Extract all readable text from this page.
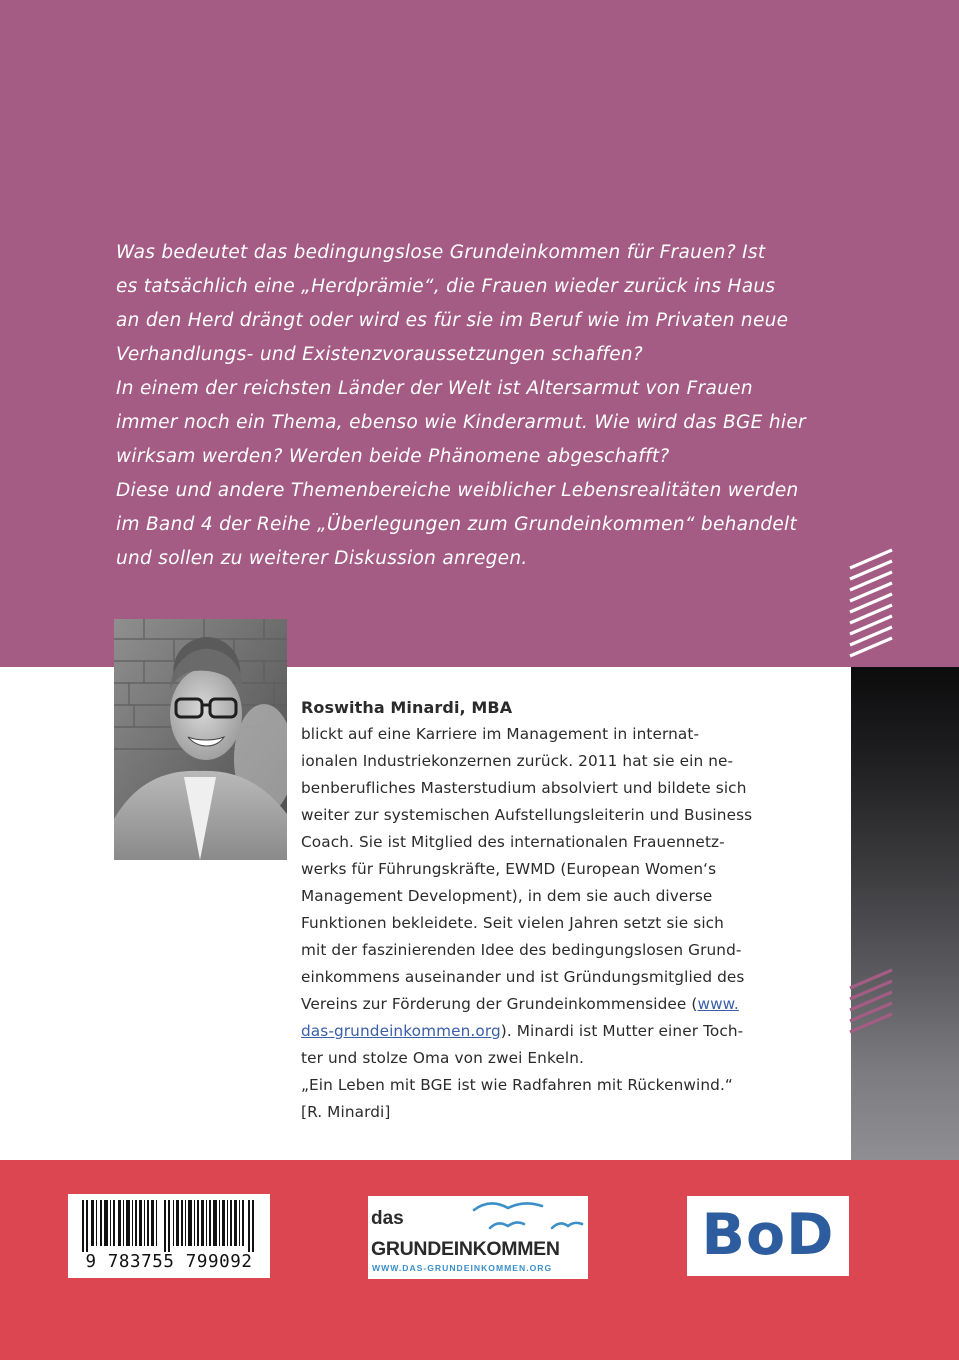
Was bedeutet das bedingungslose Grundeinkommen für Frauen? Ist
es tatsächlich eine „Herdprämie“, die Frauen wieder zurück ins Haus
an den Herd drängt oder wird es für sie im Beruf wie im Privaten neue
Verhandlungs- und Existenzvoraussetzungen schaffen?
In einem der reichsten Länder der Welt ist Altersarmut von Frauen
immer noch ein Thema, ebenso wie Kinderarmut. Wie wird das BGE hier
wirksam werden? Werden beide Phänomene abgeschafft?
Diese und andere Themenbereiche weiblicher Lebensrealitäten werden
im Band 4 der Reihe „Überlegungen zum Grundeinkommen“ behandelt
und sollen zu weiterer Diskussion anregen.
Roswitha Minardi, MBA
blickt auf eine Karriere im Management in internat-
ionalen Industriekonzernen zurück. 2011 hat sie ein ne-
benberufliches Masterstudium absolviert und bildete sich
weiter zur systemischen Aufstellungsleiterin und Business
Coach. Sie ist Mitglied des internationalen Frauennetz-
werks für Führungskräfte, EWMD (European Women‘s
Management Development), in dem sie auch diverse
Funktionen bekleidete. Seit vielen Jahren setzt sie sich
mit der faszinierenden Idee des bedingungslosen Grund-
einkommens auseinander und ist Gründungsmitglied des
Vereins zur Förderung der Grundeinkommensidee (www.
das-grundeinkommen.org). Minardi ist Mutter einer Toch-
ter und stolze Oma von zwei Enkeln.
„Ein Leben mit BGE ist wie Radfahren mit Rückenwind.“
[R. Minardi]
9 783755 799092
das
GRUNDEINKOMMEN
WWW.DAS-GRUNDEINKOMMEN.ORG	BoD
